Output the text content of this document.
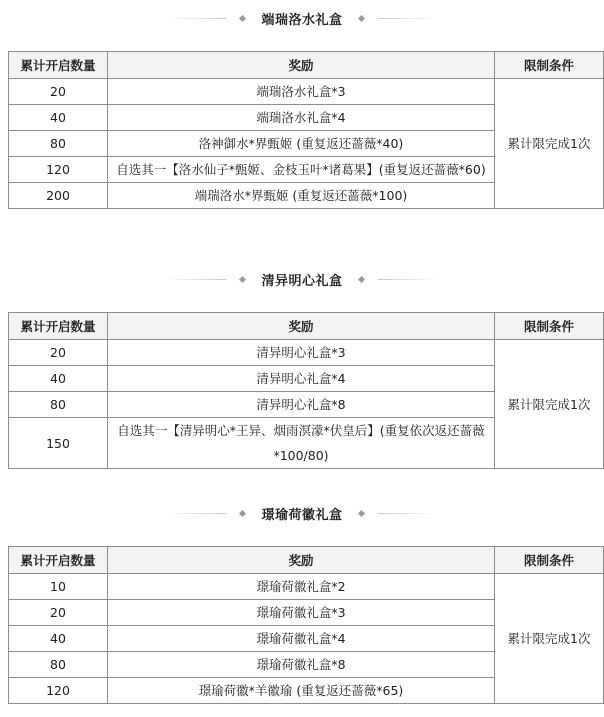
端瑞洛水礼盒
累计开启数量	奖励	限制条件
20	端瑞洛水礼盒*3	累计限完成1次
40	端瑞洛水礼盒*4	
80	洛神御水*界甄姬 (重复返还蔷薇*40)	
120	自选其一【洛水仙子*甄姬、金枝玉叶*诸葛果】(重复返还蔷薇*60)	
200	端瑞洛水*界甄姬 (重复返还蔷薇*100)	
清异明心礼盒
累计开启数量	奖励	限制条件
20	清异明心礼盒*3	累计限完成1次
40	清异明心礼盒*4	
80	清异明心礼盒*8	
150	自选其一【清异明心*王异、烟雨溟濛*伏皇后】(重复依次返还蔷薇*100/80)	
璟瑜荷徽礼盒
累计开启数量	奖励	限制条件
10	璟瑜荷徽礼盒*2	累计限完成1次
20	璟瑜荷徽礼盒*3	
40	璟瑜荷徽礼盒*4	
80	璟瑜荷徽礼盒*8	
120	璟瑜荷徽*羊徽瑜 (重复返还蔷薇*65)	
